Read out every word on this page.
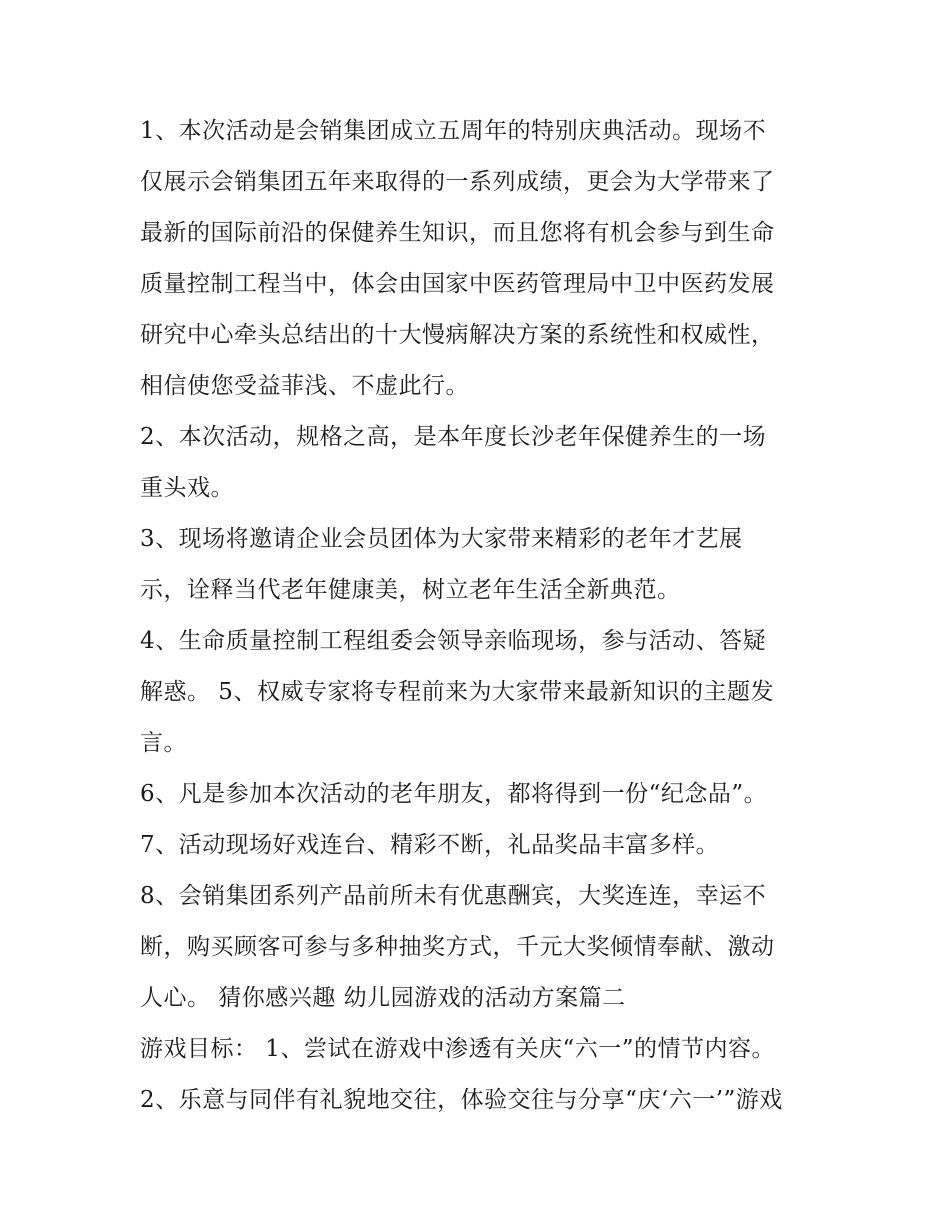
1、本次活动是会销集团成立五周年的特别庆典活动。现场不
仅展示会销集团五年来取得的一系列成绩，更会为大学带来了
最新的国际前沿的保健养生知识，而且您将有机会参与到生命
质量控制工程当中，体会由国家中医药管理局中卫中医药发展
研究中心牵头总结出的十大慢病解决方案的系统性和权威性，
相信使您受益菲浅、不虚此行。
2、本次活动，规格之高，是本年度长沙老年保健养生的一场
重头戏。
3、现场将邀请企业会员团体为大家带来精彩的老年才艺展
示，诠释当代老年健康美，树立老年生活全新典范。
4、生命质量控制工程组委会领导亲临现场，参与活动、答疑
解惑。 5、权威专家将专程前来为大家带来最新知识的主题发
言。
6、凡是参加本次活动的老年朋友，都将得到一份“纪念品”。
7、活动现场好戏连台、精彩不断，礼品奖品丰富多样。
8、会销集团系列产品前所未有优惠酬宾，大奖连连，幸运不
断，购买顾客可参与多种抽奖方式，千元大奖倾情奉献、激动
人心。 猜你感兴趣 幼儿园游戏的活动方案篇二
游戏目标： 1、尝试在游戏中渗透有关庆“六一”的情节内容。
2、乐意与同伴有礼貌地交往，体验交往与分享“庆‘六一’”游戏
